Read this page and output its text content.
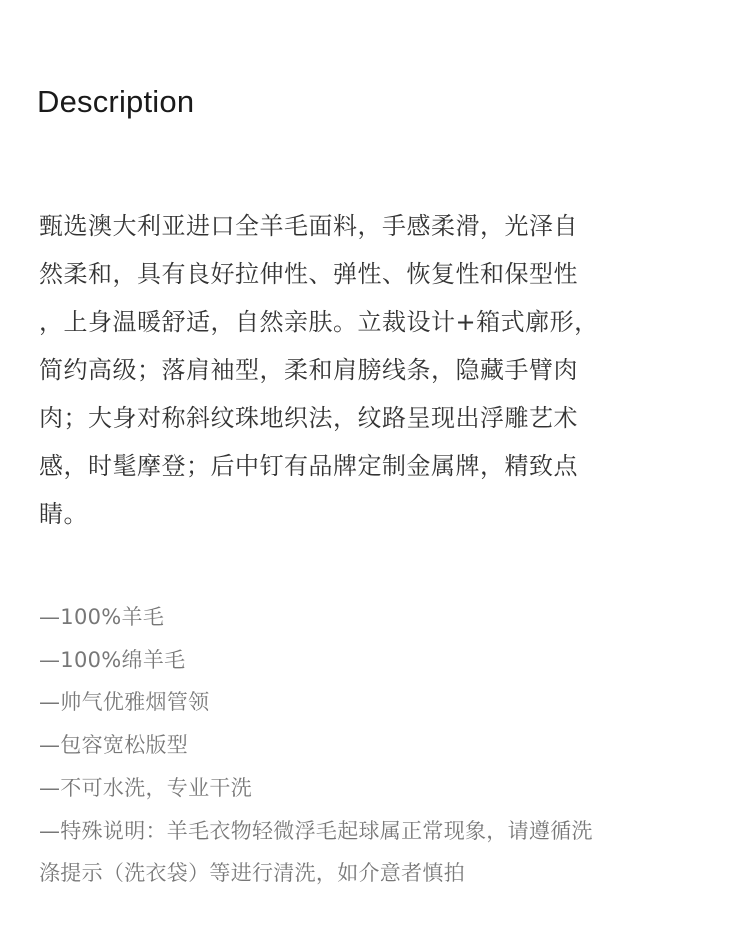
Description
甄选澳大利亚进口全羊毛面料，手感柔滑，光泽自
然柔和，具有良好拉伸性、弹性、恢复性和保型性
，上身温暖舒适，自然亲肤。立裁设计+箱式廓形，
简约高级；落肩袖型，柔和肩膀线条，隐藏手臂肉
肉；大身对称斜纹珠地织法，纹路呈现出浮雕艺术
感，时髦摩登；后中钉有品牌定制金属牌，精致点
睛。
—100%羊毛
—100%绵羊毛
—帅气优雅烟管领
—包容宽松版型
—不可水洗，专业干洗
—特殊说明：羊毛衣物轻微浮毛起球属正常现象，请遵循洗
涤提示（洗衣袋）等进行清洗，如介意者慎拍
